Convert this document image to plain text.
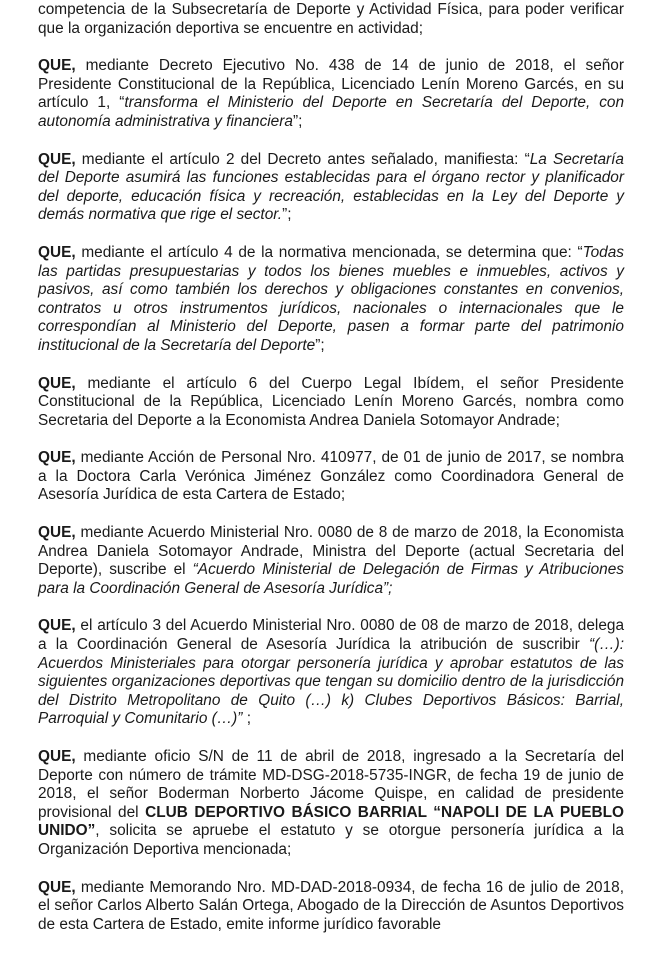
competencia de la Subsecretaría de Deporte y Actividad Física, para poder verificar que la organización deportiva se encuentre en actividad;

QUE, mediante Decreto Ejecutivo No. 438 de 14 de junio de 2018, el señor Presidente Constitucional de la República, Licenciado Lenín Moreno Garcés, en su artículo 1, “transforma el Ministerio del Deporte en Secretaría del Deporte, con autonomía administrativa y financiera”;

QUE, mediante el artículo 2 del Decreto antes señalado, manifiesta: “La Secretaría del Deporte asumirá las funciones establecidas para el órgano rector y planificador del deporte, educación física y recreación, establecidas en la Ley del Deporte y demás normativa que rige el sector.”;

QUE, mediante el artículo 4 de la normativa mencionada, se determina que: “Todas las partidas presupuestarias y todos los bienes muebles e inmuebles, activos y pasivos, así como también los derechos y obligaciones constantes en convenios, contratos u otros instrumentos jurídicos, nacionales o internacionales que le correspondían al Ministerio del Deporte, pasen a formar parte del patrimonio institucional de la Secretaría del Deporte”;

QUE, mediante el artículo 6 del Cuerpo Legal Ibídem, el señor Presidente Constitucional de la República, Licenciado Lenín Moreno Garcés, nombra como Secretaria del Deporte a la Economista Andrea Daniela Sotomayor Andrade;

QUE, mediante Acción de Personal Nro. 410977, de 01 de junio de 2017, se nombra a la Doctora Carla Verónica Jiménez González como Coordinadora General de Asesoría Jurídica de esta Cartera de Estado;

QUE, mediante Acuerdo Ministerial Nro. 0080 de 8 de marzo de 2018, la Economista Andrea Daniela Sotomayor Andrade, Ministra del Deporte (actual Secretaria del Deporte), suscribe el “Acuerdo Ministerial de Delegación de Firmas y Atribuciones para la Coordinación General de Asesoría Jurídica”;

QUE, el artículo 3 del Acuerdo Ministerial Nro. 0080 de 08 de marzo de 2018, delega a la Coordinación General de Asesoría Jurídica la atribución de suscribir “(…): Acuerdos Ministeriales para otorgar personería jurídica y aprobar estatutos de las siguientes organizaciones deportivas que tengan su domicilio dentro de la jurisdicción del Distrito Metropolitano de Quito (…) k) Clubes Deportivos Básicos: Barrial, Parroquial y Comunitario (…)” ;

QUE, mediante oficio S/N de 11 de abril de 2018, ingresado a la Secretaría del Deporte con número de trámite MD-DSG-2018-5735-INGR, de fecha 19 de junio de 2018, el señor Boderman Norberto Jácome Quispe, en calidad de presidente provisional del CLUB DEPORTIVO BÁSICO BARRIAL “NAPOLI DE LA PUEBLO UNIDO”, solicita se apruebe el estatuto y se otorgue personería jurídica a la Organización Deportiva mencionada;

QUE, mediante Memorando Nro. MD-DAD-2018-0934, de fecha 16 de julio de 2018, el señor Carlos Alberto Salán Ortega, Abogado de la Dirección de Asuntos Deportivos de esta Cartera de Estado, emite informe jurídico favorable
